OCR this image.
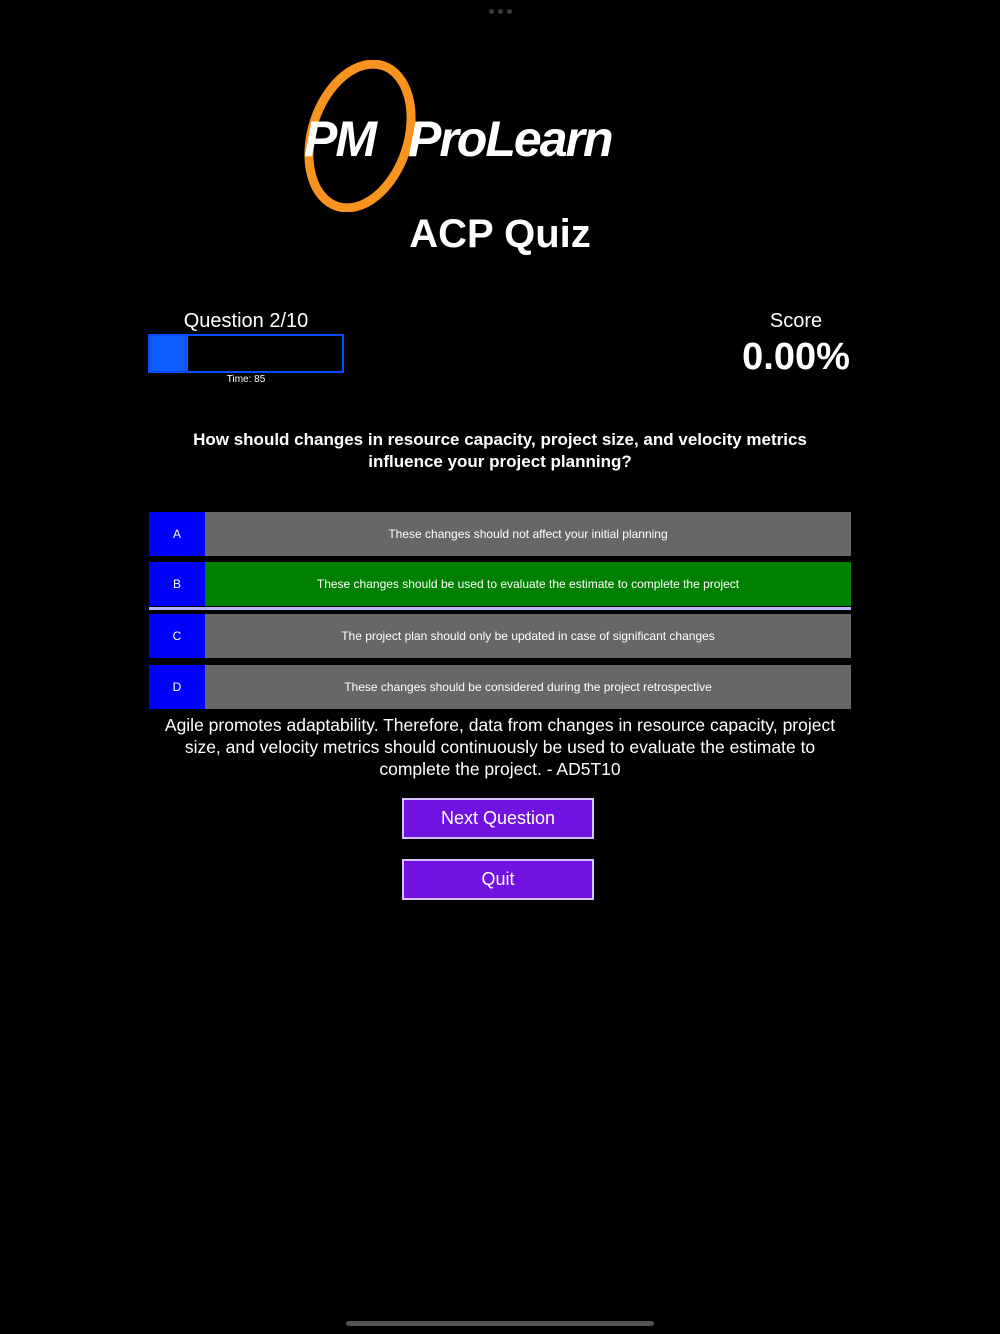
PM ProLearn
ACP Quiz
Question 2/10
Time: 85
Score
0.00%
How should changes in resource capacity, project size, and velocity metrics influence your project planning?
A	These changes should not affect your initial planning
B	These changes should be used to evaluate the estimate to complete the project
C	The project plan should only be updated in case of significant changes
D	These changes should be considered during the project retrospective
Agile promotes adaptability. Therefore, data from changes in resource capacity, project size, and velocity metrics should continuously be used to evaluate the estimate to complete the project. - AD5T10
Next Question
Quit
